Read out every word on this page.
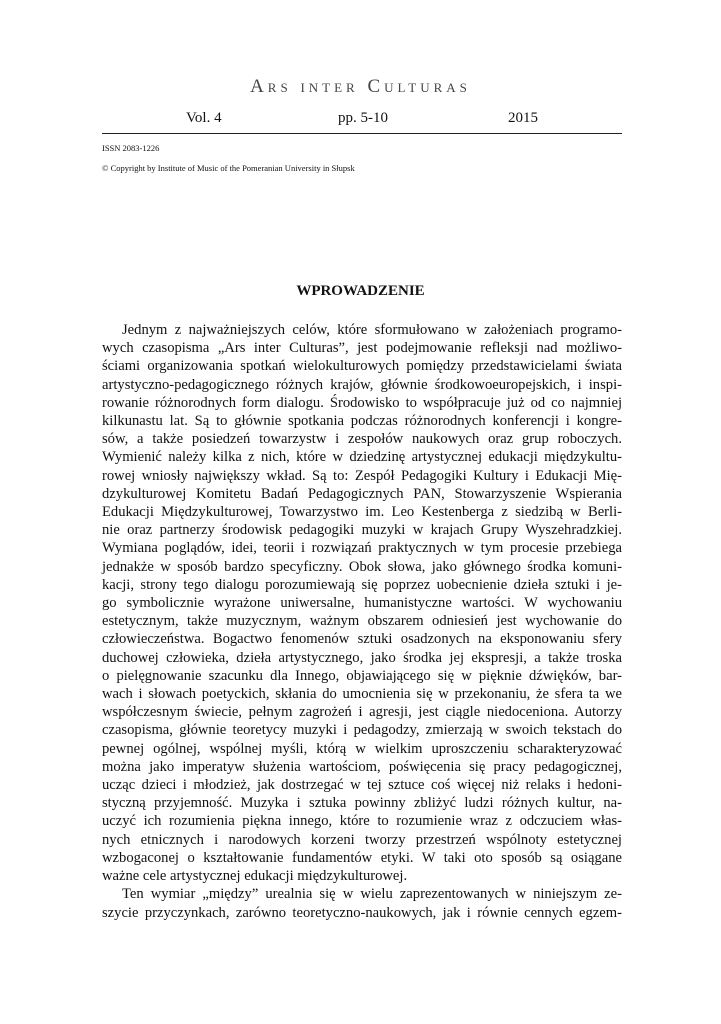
Ars inter Culturas
Vol. 4	pp. 5-10	2015
ISSN 2083-1226
© Copyright by Institute of Music of the Pomeranian University in Słupsk
WPROWADZENIE
Jednym z najważniejszych celów, które sformułowano w założeniach programo-
wych czasopisma „Ars inter Culturas”, jest podejmowanie refleksji nad możliwo-
ściami organizowania spotkań wielokulturowych pomiędzy przedstawicielami świata
artystyczno-pedagogicznego różnych krajów, głównie środkowoeuropejskich, i inspi-
rowanie różnorodnych form dialogu. Środowisko to współpracuje już od co najmniej
kilkunastu lat. Są to głównie spotkania podczas różnorodnych konferencji i kongre-
sów, a także posiedzeń towarzystw i zespołów naukowych oraz grup roboczych.
Wymienić należy kilka z nich, które w dziedzinę artystycznej edukacji międzykultu-
rowej wniosły największy wkład. Są to: Zespół Pedagogiki Kultury i Edukacji Mię-
dzykulturowej Komitetu Badań Pedagogicznych PAN, Stowarzyszenie Wspierania
Edukacji Międzykulturowej, Towarzystwo im. Leo Kestenberga z siedzibą w Berli-
nie oraz partnerzy środowisk pedagogiki muzyki w krajach Grupy Wyszehradzkiej.
Wymiana poglądów, idei, teorii i rozwiązań praktycznych w tym procesie przebiega
jednakże w sposób bardzo specyficzny. Obok słowa, jako głównego środka komuni-
kacji, strony tego dialogu porozumiewają się poprzez uobecnienie dzieła sztuki i je-
go symbolicznie wyrażone uniwersalne, humanistyczne wartości. W wychowaniu
estetycznym, także muzycznym, ważnym obszarem odniesień jest wychowanie do
człowieczeństwa. Bogactwo fenomenów sztuki osadzonych na eksponowaniu sfery
duchowej człowieka, dzieła artystycznego, jako środka jej ekspresji, a także troska
o pielęgnowanie szacunku dla Innego, objawiającego się w pięknie dźwięków, bar-
wach i słowach poetyckich, skłania do umocnienia się w przekonaniu, że sfera ta we
współczesnym świecie, pełnym zagrożeń i agresji, jest ciągle niedoceniona. Autorzy
czasopisma, głównie teoretycy muzyki i pedagodzy, zmierzają w swoich tekstach do
pewnej ogólnej, wspólnej myśli, którą w wielkim uproszczeniu scharakteryzować
można jako imperatyw służenia wartościom, poświęcenia się pracy pedagogicznej,
ucząc dzieci i młodzież, jak dostrzegać w tej sztuce coś więcej niż relaks i hedoni-
styczną przyjemność. Muzyka i sztuka powinny zbliżyć ludzi różnych kultur, na-
uczyć ich rozumienia piękna innego, które to rozumienie wraz z odczuciem włas-
nych etnicznych i narodowych korzeni tworzy przestrzeń wspólnoty estetycznej
wzbogaconej o kształtowanie fundamentów etyki. W taki oto sposób są osiągane
ważne cele artystycznej edukacji międzykulturowej.
Ten wymiar „między” urealnia się w wielu zaprezentowanych w niniejszym ze-
szycie przyczynkach, zarówno teoretyczno-naukowych, jak i równie cennych egzem-
